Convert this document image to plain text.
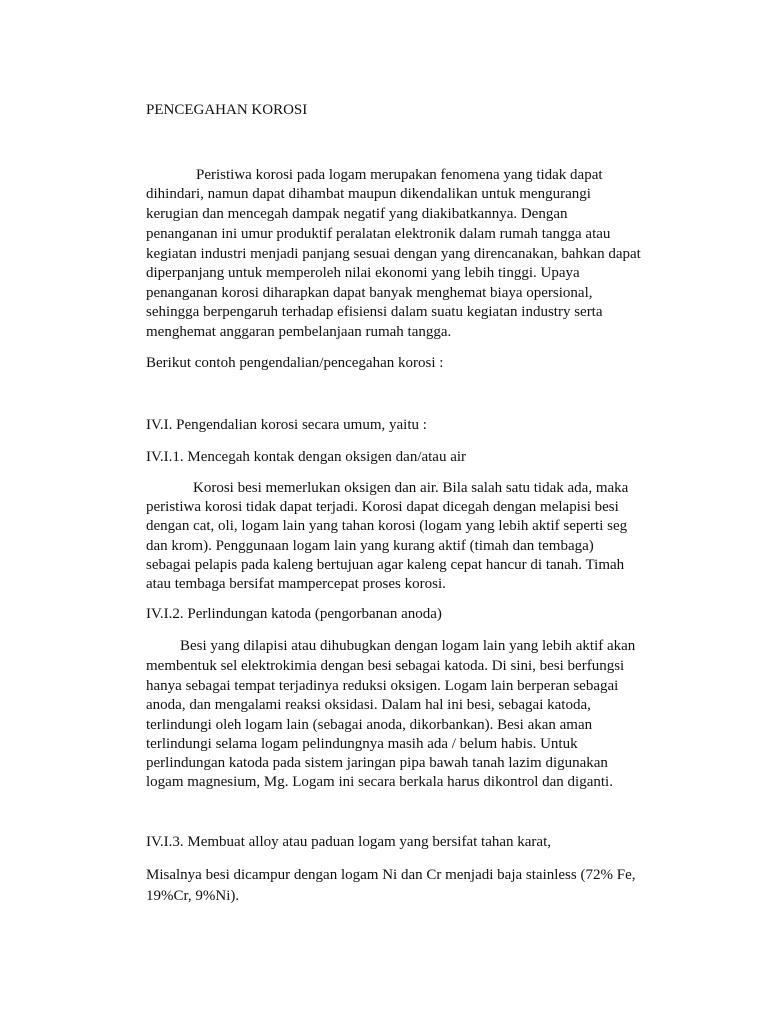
PENCEGAHAN KOROSI

Peristiwa korosi pada logam merupakan fenomena yang tidak dapat

dihindari, namun dapat dihambat maupun dikendalikan untuk mengurangi

kerugian dan mencegah dampak negatif yang diakibatkannya. Dengan

penanganan ini umur produktif peralatan elektronik dalam rumah tangga atau

kegiatan industri menjadi panjang sesuai dengan yang direncanakan, bahkan dapat

diperpanjang untuk memperoleh nilai ekonomi yang lebih tinggi. Upaya

penanganan korosi diharapkan dapat banyak menghemat biaya opersional,

sehingga berpengaruh terhadap efisiensi dalam suatu kegiatan industry serta

menghemat anggaran pembelanjaan rumah tangga.

Berikut contoh pengendalian/pencegahan korosi :

IV.I. Pengendalian korosi secara umum, yaitu :

IV.I.1. Mencegah kontak dengan oksigen dan/atau air

Korosi besi memerlukan oksigen dan air. Bila salah satu tidak ada, maka

peristiwa korosi tidak dapat terjadi. Korosi dapat dicegah dengan melapisi besi

dengan cat, oli, logam lain yang tahan korosi (logam yang lebih aktif seperti seg

dan krom). Penggunaan logam lain yang kurang aktif (timah dan tembaga)

sebagai pelapis pada kaleng bertujuan agar kaleng cepat hancur di tanah. Timah

atau tembaga bersifat mampercepat proses korosi.

IV.I.2. Perlindungan katoda (pengorbanan anoda)

Besi yang dilapisi atau dihubugkan dengan logam lain yang lebih aktif akan

membentuk sel elektrokimia dengan besi sebagai katoda. Di sini, besi berfungsi

hanya sebagai tempat terjadinya reduksi oksigen. Logam lain berperan sebagai

anoda, dan mengalami reaksi oksidasi. Dalam hal ini besi, sebagai katoda,

terlindungi oleh logam lain (sebagai anoda, dikorbankan). Besi akan aman

terlindungi selama logam pelindungnya masih ada / belum habis. Untuk

perlindungan katoda pada sistem jaringan pipa bawah tanah lazim digunakan

logam magnesium, Mg. Logam ini secara berkala harus dikontrol dan diganti.

IV.I.3. Membuat alloy atau paduan logam yang bersifat tahan karat,

Misalnya besi dicampur dengan logam Ni dan Cr menjadi baja stainless (72% Fe,

19%Cr, 9%Ni).
